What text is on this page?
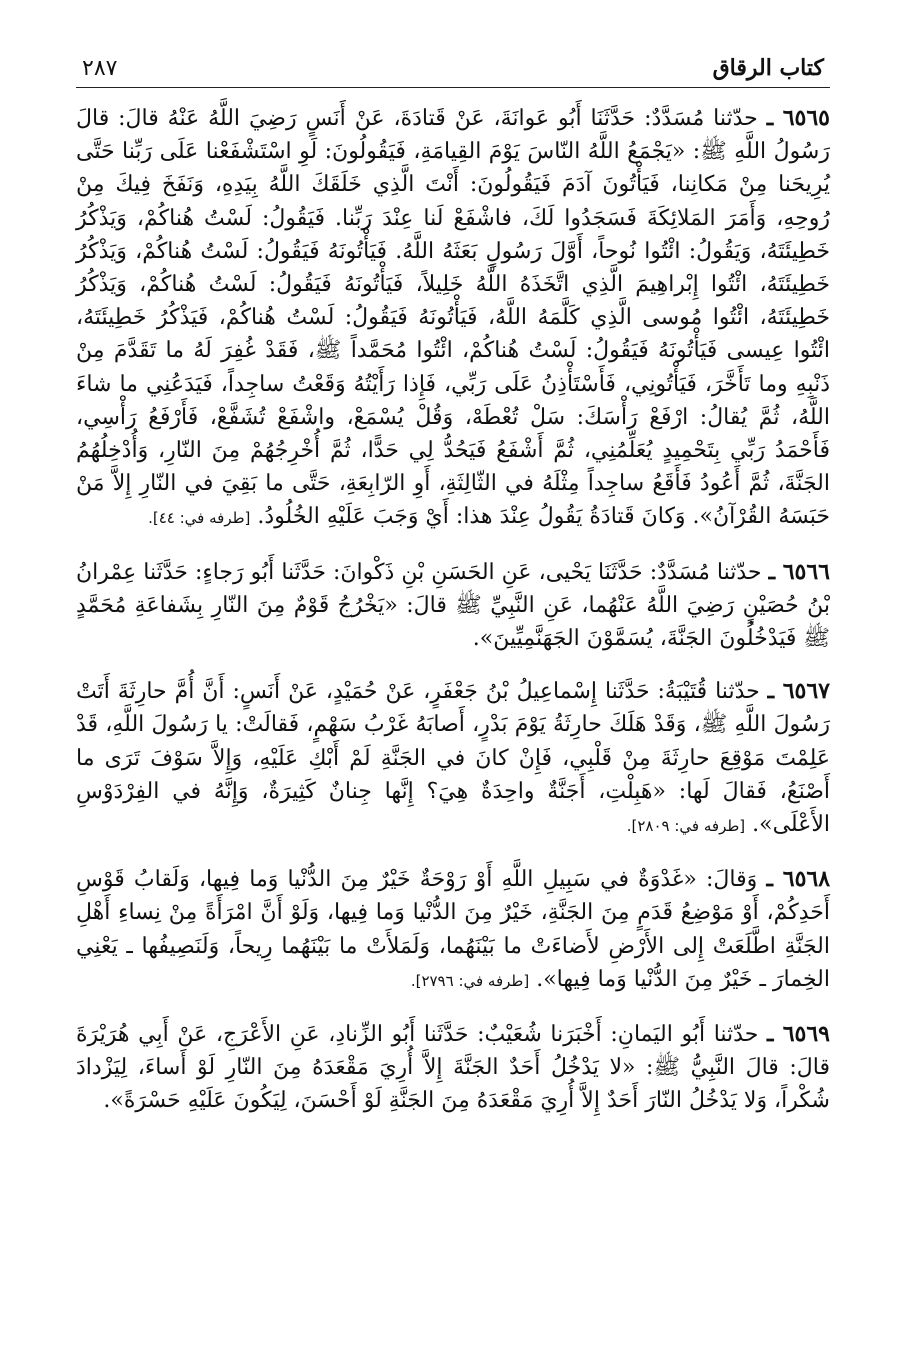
كتاب الرقاق
٢٨٧

٦٥٦٥ ـ حدّثنا مُسَدَّدٌ: حَدَّثَنَا أَبُو عَوانَةَ، عَنْ قَتادَةَ، عَنْ أَنَسٍ رَضِيَ اللَّهُ عَنْهُ قالَ: قالَ رَسُولُ اللَّهِ ﷺ: «يَجْمَعُ اللَّهُ النّاسَ يَوْمَ القِيامَةِ، فَيَقُولُونَ: لَوِ اسْتَشْفَعْنا عَلَى رَبِّنا حَتَّى يُرِيحَنا مِنْ مَكانِنا، فَيَأْتُونَ آدَمَ فَيَقُولُونَ: أَنْتَ الَّذِي خَلَقَكَ اللَّهُ بِيَدِهِ، وَنَفَخَ فِيكَ مِنْ رُوحِهِ، وَأَمَرَ المَلائِكَةَ فَسَجَدُوا لَكَ، فاشْفَعْ لَنا عِنْدَ رَبِّنا. فَيَقُولُ: لَسْتُ هُناكُمْ، وَيَذْكُرُ خَطِيئَتَهُ، وَيَقُولُ: ائْتُوا نُوحاً، أَوَّلَ رَسُولٍ بَعَثَهُ اللَّهُ. فَيَأْتُونَهُ فَيَقُولُ: لَسْتُ هُناكُمْ، وَيَذْكُرُ خَطِيئَتَهُ، ائْتُوا إِبْراهِيمَ الَّذِي اتَّخَذَهُ اللَّهُ خَلِيلاً، فَيَأْتُونَهُ فَيَقُولُ: لَسْتُ هُناكُمْ، وَيَذْكُرُ خَطِيئَتَهُ، ائْتُوا مُوسى الَّذِي كَلَّمَهُ اللَّهُ، فَيَأْتُونَهُ فَيَقُولُ: لَسْتُ هُناكُمْ، فَيَذْكُرُ خَطِيئَتَهُ، ائْتُوا عِيسى فَيَأْتُونَهُ فَيَقُولُ: لَسْتُ هُناكُمْ، ائْتُوا مُحَمَّداً ﷺ، فَقَدْ غُفِرَ لَهُ ما تَقَدَّمَ مِنْ ذَنْبِهِ وما تَأَخَّرَ، فَيَأْتُونِي، فَأَسْتَأْذِنُ عَلَى رَبِّي، فَإِذا رَأَيْتُهُ وَقَعْتُ ساجِداً، فَيَدَعُنِي ما شاءَ اللَّهُ، ثُمَّ يُقالُ: ارْفَعْ رَأْسَكَ: سَلْ تُعْطَهْ، وَقُلْ يُسْمَعْ، واشْفَعْ تُشَفَّعْ، فَأَرْفَعُ رَأْسِي، فَأَحْمَدُ رَبِّي بِتَحْمِيدٍ يُعَلِّمُنِي، ثُمَّ أَشْفَعُ فَيَحُدُّ لِي حَدًّا، ثُمَّ أُخْرِجُهُمْ مِنَ النّارِ، وَأُدْخِلُهُمُ الجَنَّةَ، ثُمَّ أَعُودُ فَأَقَعُ ساجِداً مِثْلَهُ في الثّالِثَةِ، أَوِ الرّابِعَةِ، حَتَّى ما بَقِيَ في النّارِ إِلاَّ مَنْ حَبَسَهُ القُرْآنُ». وَكانَ قَتادَةُ يَقُولُ عِنْدَ هذا: أَيْ وَجَبَ عَلَيْهِ الخُلُودُ. [طرفه في: ٤٤].

٦٥٦٦ ـ حدّثنا مُسَدَّدٌ: حَدَّثَنَا يَحْيى، عَنِ الحَسَنِ بْنِ ذَكْوانَ: حَدَّثَنا أَبُو رَجاءٍ: حَدَّثَنا عِمْرانُ بْنُ حُصَيْنٍ رَضِيَ اللَّهُ عَنْهُما، عَنِ النَّبِيِّ ﷺ قالَ: «يَخْرُجُ قَوْمٌ مِنَ النّارِ بِشَفاعَةِ مُحَمَّدٍ ﷺ فَيَدْخُلُونَ الجَنَّةَ، يُسَمَّوْنَ الجَهَنَّمِيِّينَ».

٦٥٦٧ ـ حدّثنا قُتَيْبَةُ: حَدَّثَنا إِسْماعِيلُ بْنُ جَعْفَرٍ، عَنْ حُمَيْدٍ، عَنْ أَنَسٍ: أَنَّ أُمَّ حارِثَةَ أَتَتْ رَسُولَ اللَّهِ ﷺ، وَقَدْ هَلَكَ حارِثَةُ يَوْمَ بَدْرٍ، أَصابَهُ غَرْبُ سَهْمٍ، فَقالَتْ: يا رَسُولَ اللَّهِ، قَدْ عَلِمْتَ مَوْقِعَ حارِثَةَ مِنْ قَلْبِي، فَإِنْ كانَ في الجَنَّةِ لَمْ أَبْكِ عَلَيْهِ، وَإِلاَّ سَوْفَ تَرَى ما أَصْنَعُ، فَقالَ لَها: «هَبِلْتِ، أَجَنَّةٌ واحِدَةٌ هِيَ؟ إِنَّها جِنانٌ كَثِيرَةٌ، وَإِنَّهُ في الفِرْدَوْسِ الأَعْلَى». [طرفه في: ٢٨٠٩].

٦٥٦٨ ـ وَقالَ: «غَدْوَةٌ في سَبِيلِ اللَّهِ أَوْ رَوْحَةٌ خَيْرٌ مِنَ الدُّنْيا وَما فِيها، وَلَقابُ قَوْسِ أَحَدِكُمْ، أَوْ مَوْضِعُ قَدَمٍ مِنَ الجَنَّةِ، خَيْرٌ مِنَ الدُّنْيا وَما فِيها، وَلَوْ أَنَّ امْرَأَةً مِنْ نِساءِ أَهْلِ الجَنَّةِ اطَّلَعَتْ إِلى الأَرْضِ لأَضاءَتْ ما بَيْنَهُما، وَلَمَلأَتْ ما بَيْنَهُما رِيحاً، وَلَنَصِيفُها ـ يَعْنِي الخِمارَ ـ خَيْرٌ مِنَ الدُّنْيا وَما فِيها». [طرفه في: ٢٧٩٦].

٦٥٦٩ ـ حدّثنا أَبُو اليَمانِ: أَخْبَرَنا شُعَيْبٌ: حَدَّثَنا أَبُو الزِّنادِ، عَنِ الأَعْرَجِ، عَنْ أَبِي هُرَيْرَةَ قالَ: قالَ النَّبِيُّ ﷺ: «لا يَدْخُلُ أَحَدٌ الجَنَّةَ إِلاَّ أُرِيَ مَقْعَدَهُ مِنَ النّارِ لَوْ أَساءَ، لِيَزْدادَ شُكْراً، وَلا يَدْخُلُ النّارَ أَحَدٌ إِلاَّ أُرِيَ مَقْعَدَهُ مِنَ الجَنَّةِ لَوْ أَحْسَنَ، لِيَكُونَ عَلَيْهِ حَسْرَةً».
